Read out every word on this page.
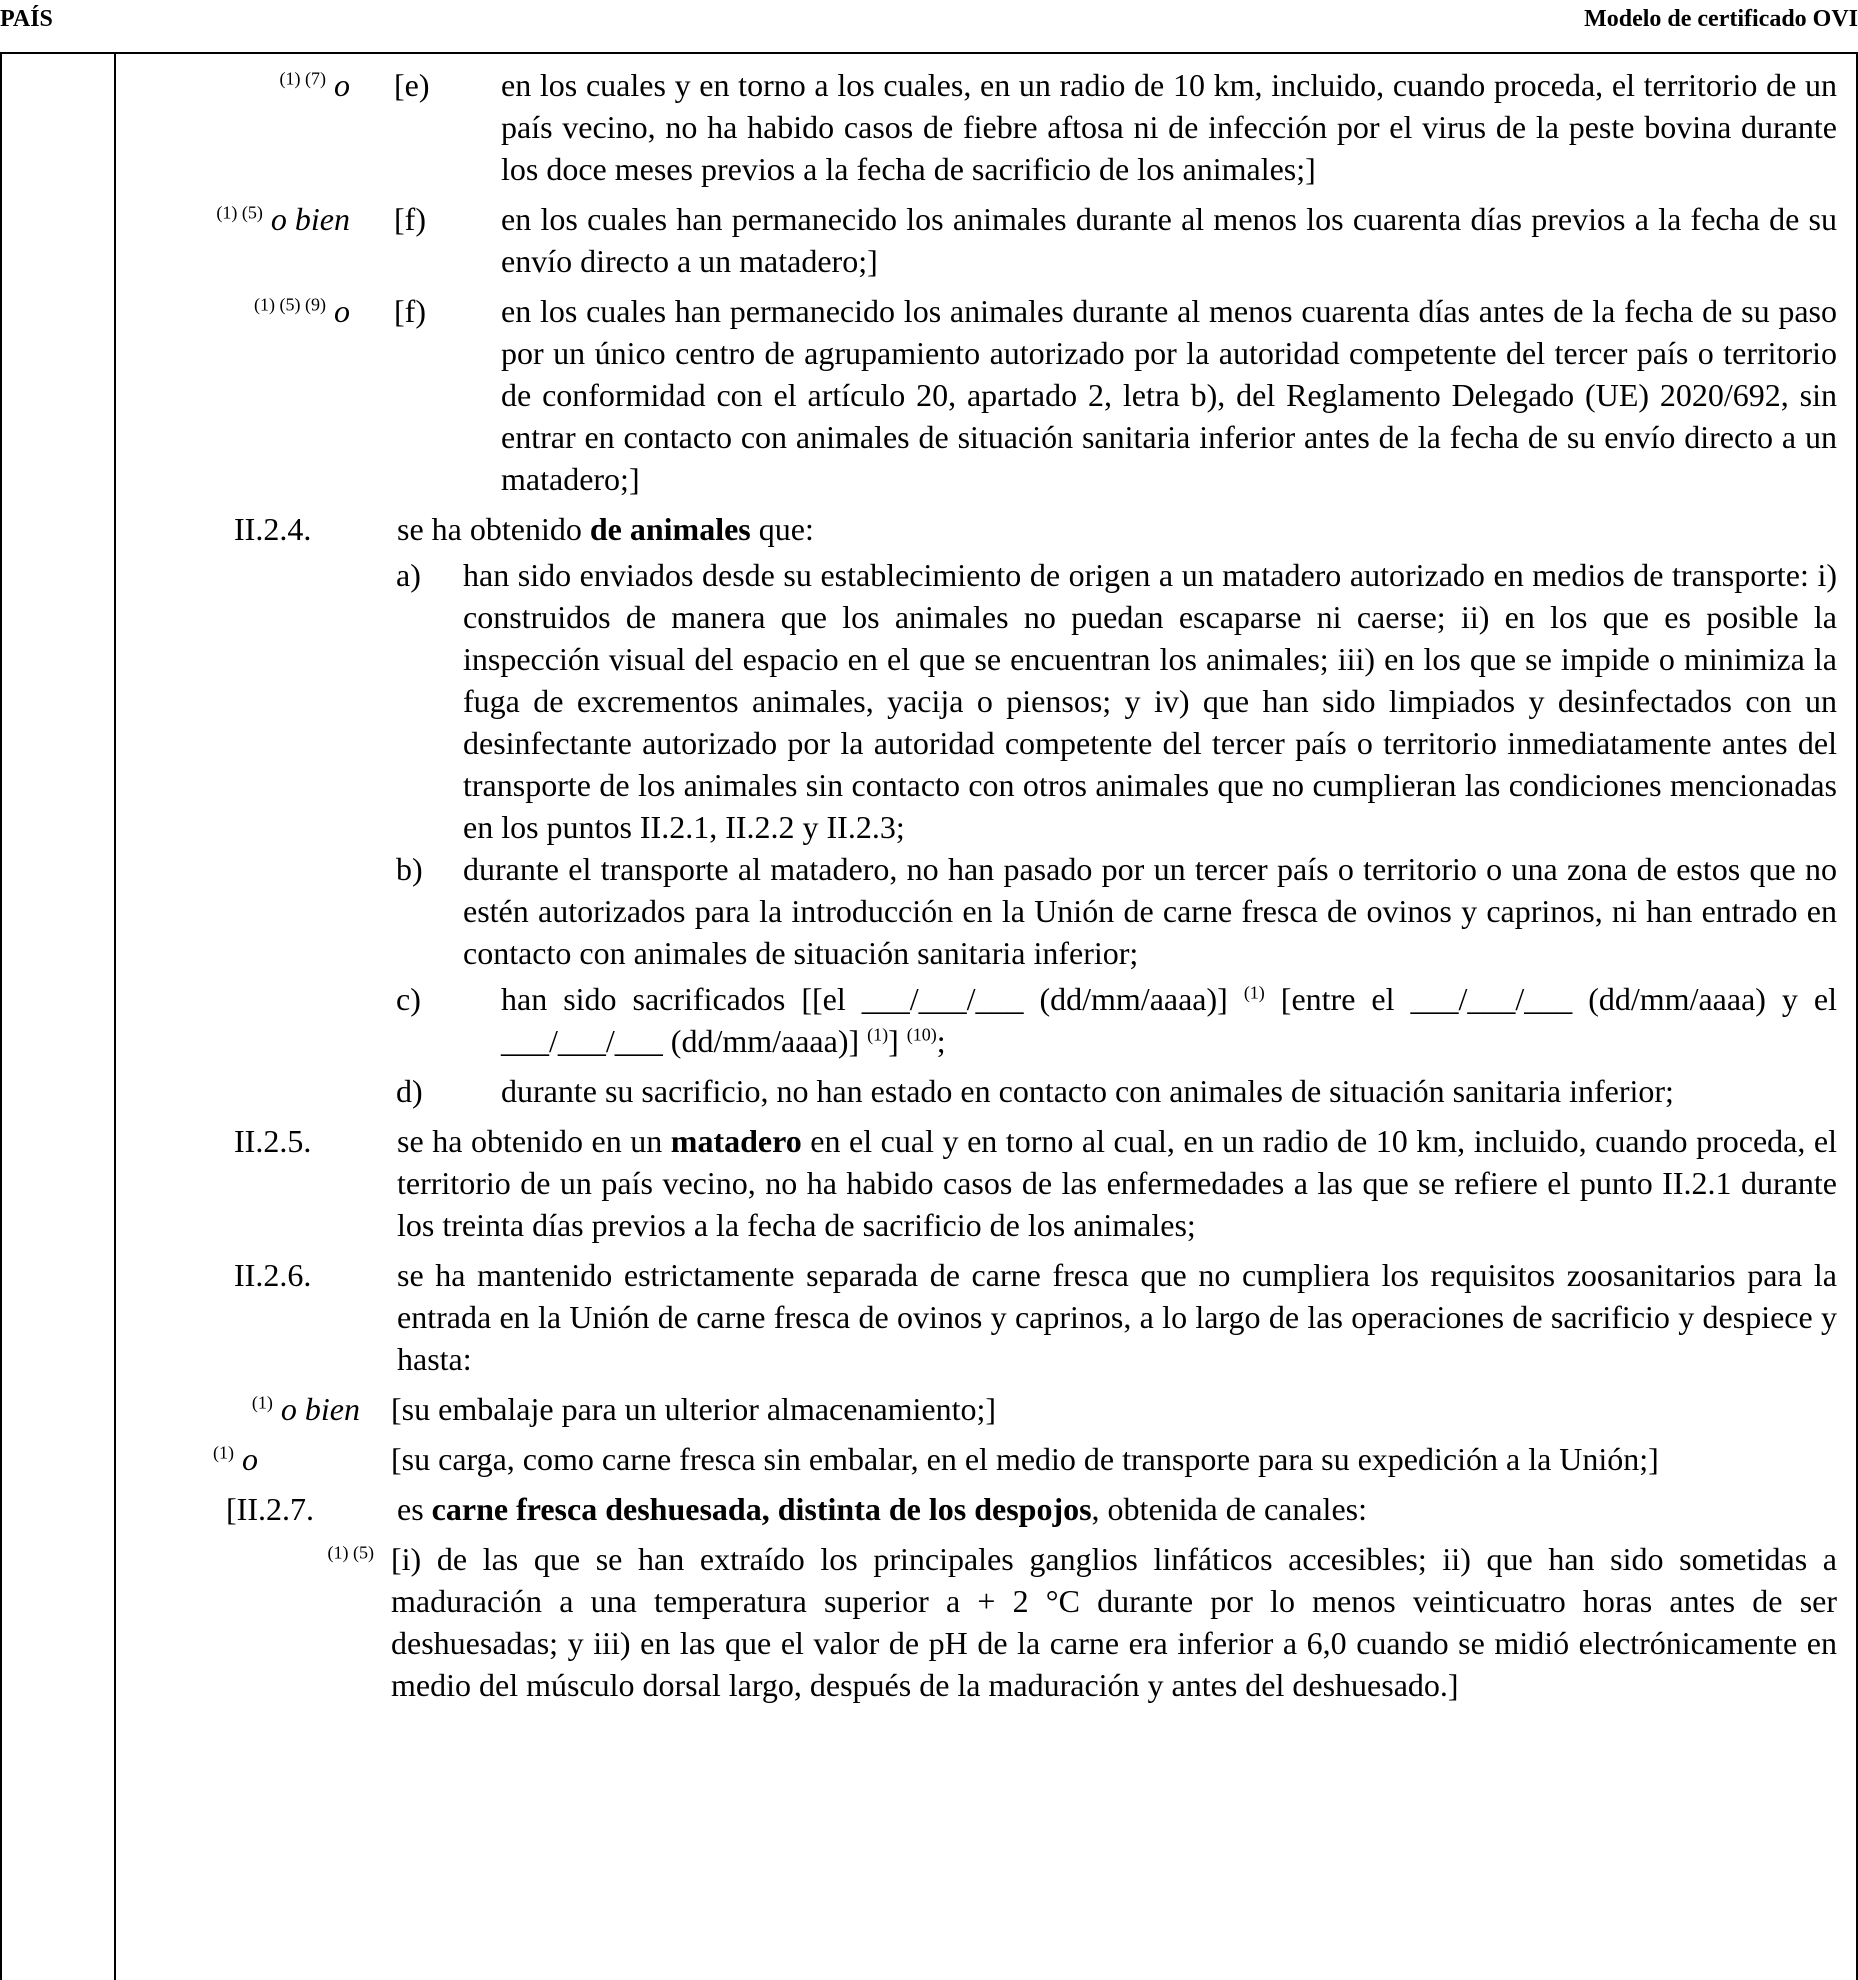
PAÍS	Modelo de certificado OVI
$^{(1) (7)}$ o [e) en los cuales y en torno a los cuales, en un radio de 10 km, incluido, cuando proceda, el territorio de un país vecino, no ha habido casos de fiebre aftosa ni de infección por el virus de la peste bovina durante los doce meses previos a la fecha de sacrificio de los animales;]
$^{(1) (5)}$ o bien [f) en los cuales han permanecido los animales durante al menos los cuarenta días previos a la fecha de su envío directo a un matadero;]
$^{(1) (5) (9)}$ o [f) en los cuales han permanecido los animales durante al menos cuarenta días antes de la fecha de su paso por un único centro de agrupamiento autorizado por la autoridad competente del tercer país o territorio de conformidad con el artículo 20, apartado 2, letra b), del Reglamento Delegado (UE) 2020/692, sin entrar en contacto con animales de situación sanitaria inferior antes de la fecha de su envío directo a un matadero;]
II.2.4.	se ha obtenido de animales que:
a) han sido enviados desde su establecimiento de origen a un matadero autorizado en medios de transporte: i) construidos de manera que los animales no puedan escaparse ni caerse; ii) en los que es posible la inspección visual del espacio en el que se encuentran los animales; iii) en los que se impide o minimiza la fuga de excrementos animales, yacija o piensos; y iv) que han sido limpiados y desinfectados con un desinfectante autorizado por la autoridad competente del tercer país o territorio inmediatamente antes del transporte de los animales sin contacto con otros animales que no cumplieran las condiciones mencionadas en los puntos II.2.1, II.2.2 y II.2.3;
b) durante el transporte al matadero, no han pasado por un tercer país o territorio o una zona de estos que no estén autorizados para la introducción en la Unión de carne fresca de ovinos y caprinos, ni han entrado en contacto con animales de situación sanitaria inferior;
c)	han sido sacrificados [[el ___/___/___ (dd/mm/aaaa)] $^{(1)}$ [entre el ___/___/___ (dd/mm/aaaa) y el ___/___/___ (dd/mm/aaaa)] $^{(1)}$] $^{(10)}$;
d) durante su sacrificio, no han estado en contacto con animales de situación sanitaria inferior;
II.2.5.	se ha obtenido en un matadero en el cual y en torno al cual, en un radio de 10 km, incluido, cuando proceda, el territorio de un país vecino, no ha habido casos de las enfermedades a las que se refiere el punto II.2.1 durante los treinta días previos a la fecha de sacrificio de los animales;
II.2.6.	se ha mantenido estrictamente separada de carne fresca que no cumpliera los requisitos zoosanitarios para la entrada en la Unión de carne fresca de ovinos y caprinos, a lo largo de las operaciones de sacrificio y despiece y hasta:
$^{(1)}$ o bien [su embalaje para un ulterior almacenamiento;]
$^{(1)}$ o	[su carga, como carne fresca sin embalar, en el medio de transporte para su expedición a la Unión;]
[II.2.7.	es carne fresca deshuesada, distinta de los despojos, obtenida de canales:
$^{(1) (5)}$ [i) de las que se han extraído los principales ganglios linfáticos accesibles; ii) que han sido sometidas a maduración a una temperatura superior a + 2 °C durante por lo menos veinticuatro horas antes de ser deshuesadas; y iii) en las que el valor de pH de la carne era inferior a 6,0 cuando se midió electrónicamente en medio del músculo dorsal largo, después de la maduración y antes del deshuesado.]
